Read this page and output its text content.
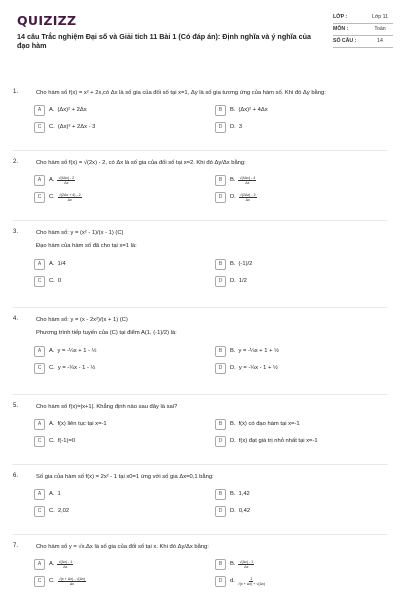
QUIZIZZ
14 câu Trắc nghiệm Đại số và Giải tích 11 Bài 1 (Có đáp án): Định nghĩa và ý nghĩa của đạo hàm
LỚP :	Lớp 11
MÔN :	Toán
SỐ CÂU :	14
1.	Cho hàm số f(x) = x² + 2x,có Δx là số gia của đối số tại x=1, Δy là số gia tương ứng của hàm số. Khi đó Δy bằng:
A	A. (Δx)² + 2Δx	B	B. (Δx)² + 4Δx
C	C. (Δx)² + 2Δx - 3	D	D. 3
2.	Cho hàm số f(x) = √(2x) - 2, có Δx là số gia của đối số tại x=2. Khi đó Δy/Δx bằng:
A	A. $\frac{√(4\Delta x) - 2}{\Delta x}$	B	B. $\frac{√(4\Delta x) - 4}{\Delta x}$
C	C. $\frac{√(2\Delta x + 4) - 2}{\Delta x}$	D	D. $\frac{√(2\Delta x) - 2}{\Delta x}$
3.	Cho hàm số: y = (x² - 1)/(x - 1) (C)
Đạo hàm của hàm số đã cho tại x=1 là:
A	A. 1/4	B	B. (-1)/2
C	C. 0	D	D. 1/2
4.	Cho hàm số: y = (x - 2x²)/(x + 1) (C)
Phương trình tiếp tuyến của (C) tại điểm A(1, (-1)/2) là:
A	A. y = -¼x + 1 - ½	B	B. y = -¼x + 1 + ½
C	C. y = -¼x - 1 - ½	D	D. y = -¼x - 1 + ½
5.	Cho hàm số f(x)=|x+1|. Khẳng định nào sau đây là sai?
A	A. f(x) liên tục tại x=-1	B	B. f(x) có đạo hàm tại x=-1
C	C. f(-1)=0	D	D. f(x) đạt giá trị nhỏ nhất tại x=-1
6.	Số gia của hàm số f(x) = 2x² - 1 tại x0=1 ứng với số gia Δx=0,1 bằng:
A	A. 1	B	B. 1,42
C	C. 2,02	D	D. 0,42
7.	Cho hàm số y = √x.Δx là số gia của đối số tại x. Khi đó Δy/Δx bằng:
A	A. $\frac{√(\Delta x) - 1}{\Delta x}$	B	B. $\frac{√(\Delta x) - 1}{\Delta x}$
C	C. $\frac{√(x + \Delta x) - √(\Delta x)}{\Delta x}$	D	d. $\frac{1}{√(x + \Delta x) + √(\Delta x)}$
